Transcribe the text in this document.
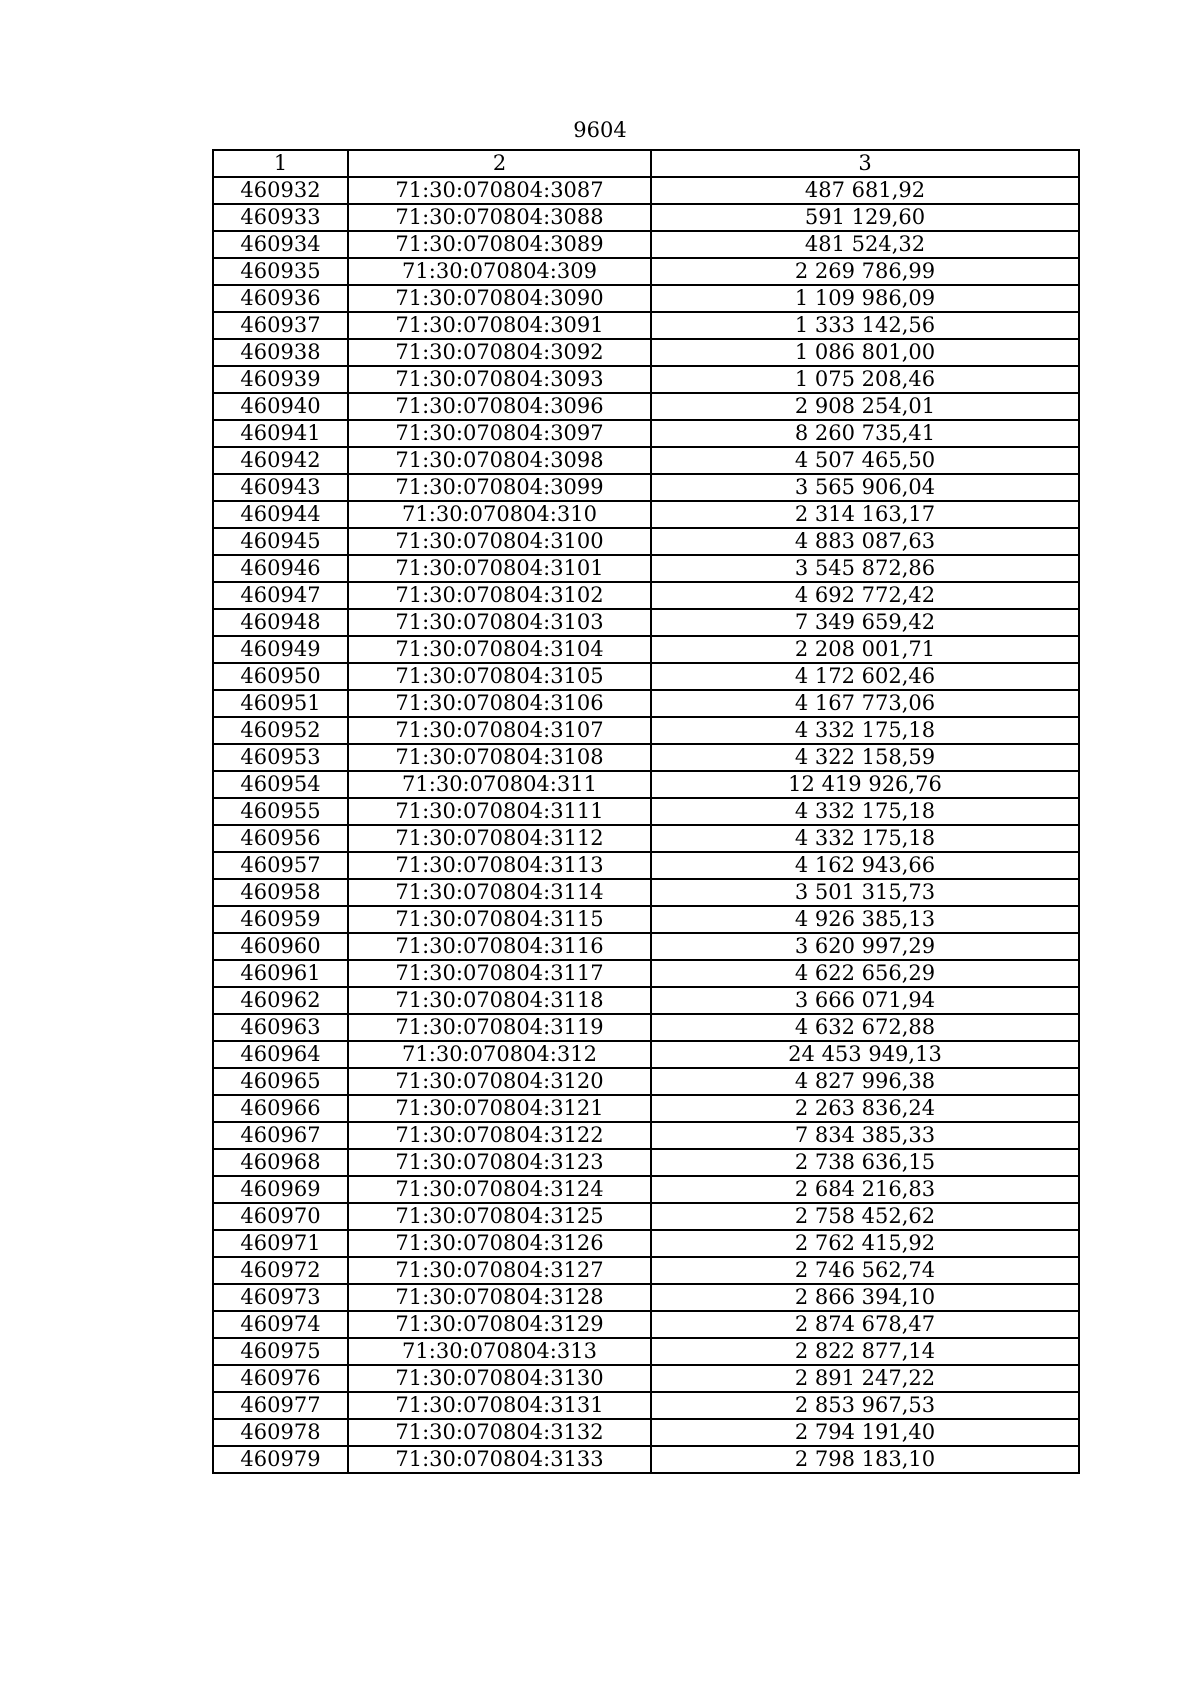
9604
1	2	3
460932	71:30:070804:3087	487 681,92
460933	71:30:070804:3088	591 129,60
460934	71:30:070804:3089	481 524,32
460935	71:30:070804:309	2 269 786,99
460936	71:30:070804:3090	1 109 986,09
460937	71:30:070804:3091	1 333 142,56
460938	71:30:070804:3092	1 086 801,00
460939	71:30:070804:3093	1 075 208,46
460940	71:30:070804:3096	2 908 254,01
460941	71:30:070804:3097	8 260 735,41
460942	71:30:070804:3098	4 507 465,50
460943	71:30:070804:3099	3 565 906,04
460944	71:30:070804:310	2 314 163,17
460945	71:30:070804:3100	4 883 087,63
460946	71:30:070804:3101	3 545 872,86
460947	71:30:070804:3102	4 692 772,42
460948	71:30:070804:3103	7 349 659,42
460949	71:30:070804:3104	2 208 001,71
460950	71:30:070804:3105	4 172 602,46
460951	71:30:070804:3106	4 167 773,06
460952	71:30:070804:3107	4 332 175,18
460953	71:30:070804:3108	4 322 158,59
460954	71:30:070804:311	12 419 926,76
460955	71:30:070804:3111	4 332 175,18
460956	71:30:070804:3112	4 332 175,18
460957	71:30:070804:3113	4 162 943,66
460958	71:30:070804:3114	3 501 315,73
460959	71:30:070804:3115	4 926 385,13
460960	71:30:070804:3116	3 620 997,29
460961	71:30:070804:3117	4 622 656,29
460962	71:30:070804:3118	3 666 071,94
460963	71:30:070804:3119	4 632 672,88
460964	71:30:070804:312	24 453 949,13
460965	71:30:070804:3120	4 827 996,38
460966	71:30:070804:3121	2 263 836,24
460967	71:30:070804:3122	7 834 385,33
460968	71:30:070804:3123	2 738 636,15
460969	71:30:070804:3124	2 684 216,83
460970	71:30:070804:3125	2 758 452,62
460971	71:30:070804:3126	2 762 415,92
460972	71:30:070804:3127	2 746 562,74
460973	71:30:070804:3128	2 866 394,10
460974	71:30:070804:3129	2 874 678,47
460975	71:30:070804:313	2 822 877,14
460976	71:30:070804:3130	2 891 247,22
460977	71:30:070804:3131	2 853 967,53
460978	71:30:070804:3132	2 794 191,40
460979	71:30:070804:3133	2 798 183,10
